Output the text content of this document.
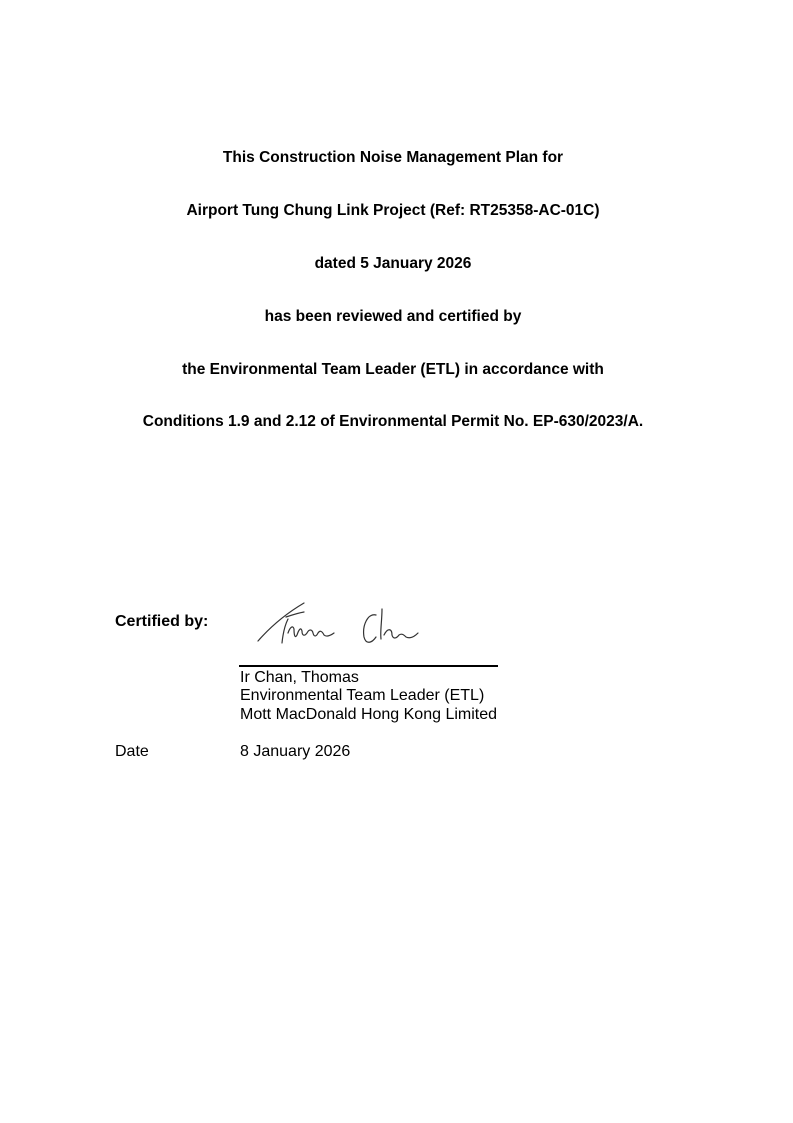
This Construction Noise Management Plan for
Airport Tung Chung Link Project (Ref: RT25358-AC-01C)
dated 5 January 2026
has been reviewed and certified by
the Environmental Team Leader (ETL) in accordance with
Conditions 1.9 and 2.12 of Environmental Permit No. EP-630/2023/A.
Certified by:
Ir Chan, Thomas
Environmental Team Leader (ETL)
Mott MacDonald Hong Kong Limited
Date	8 January 2026
